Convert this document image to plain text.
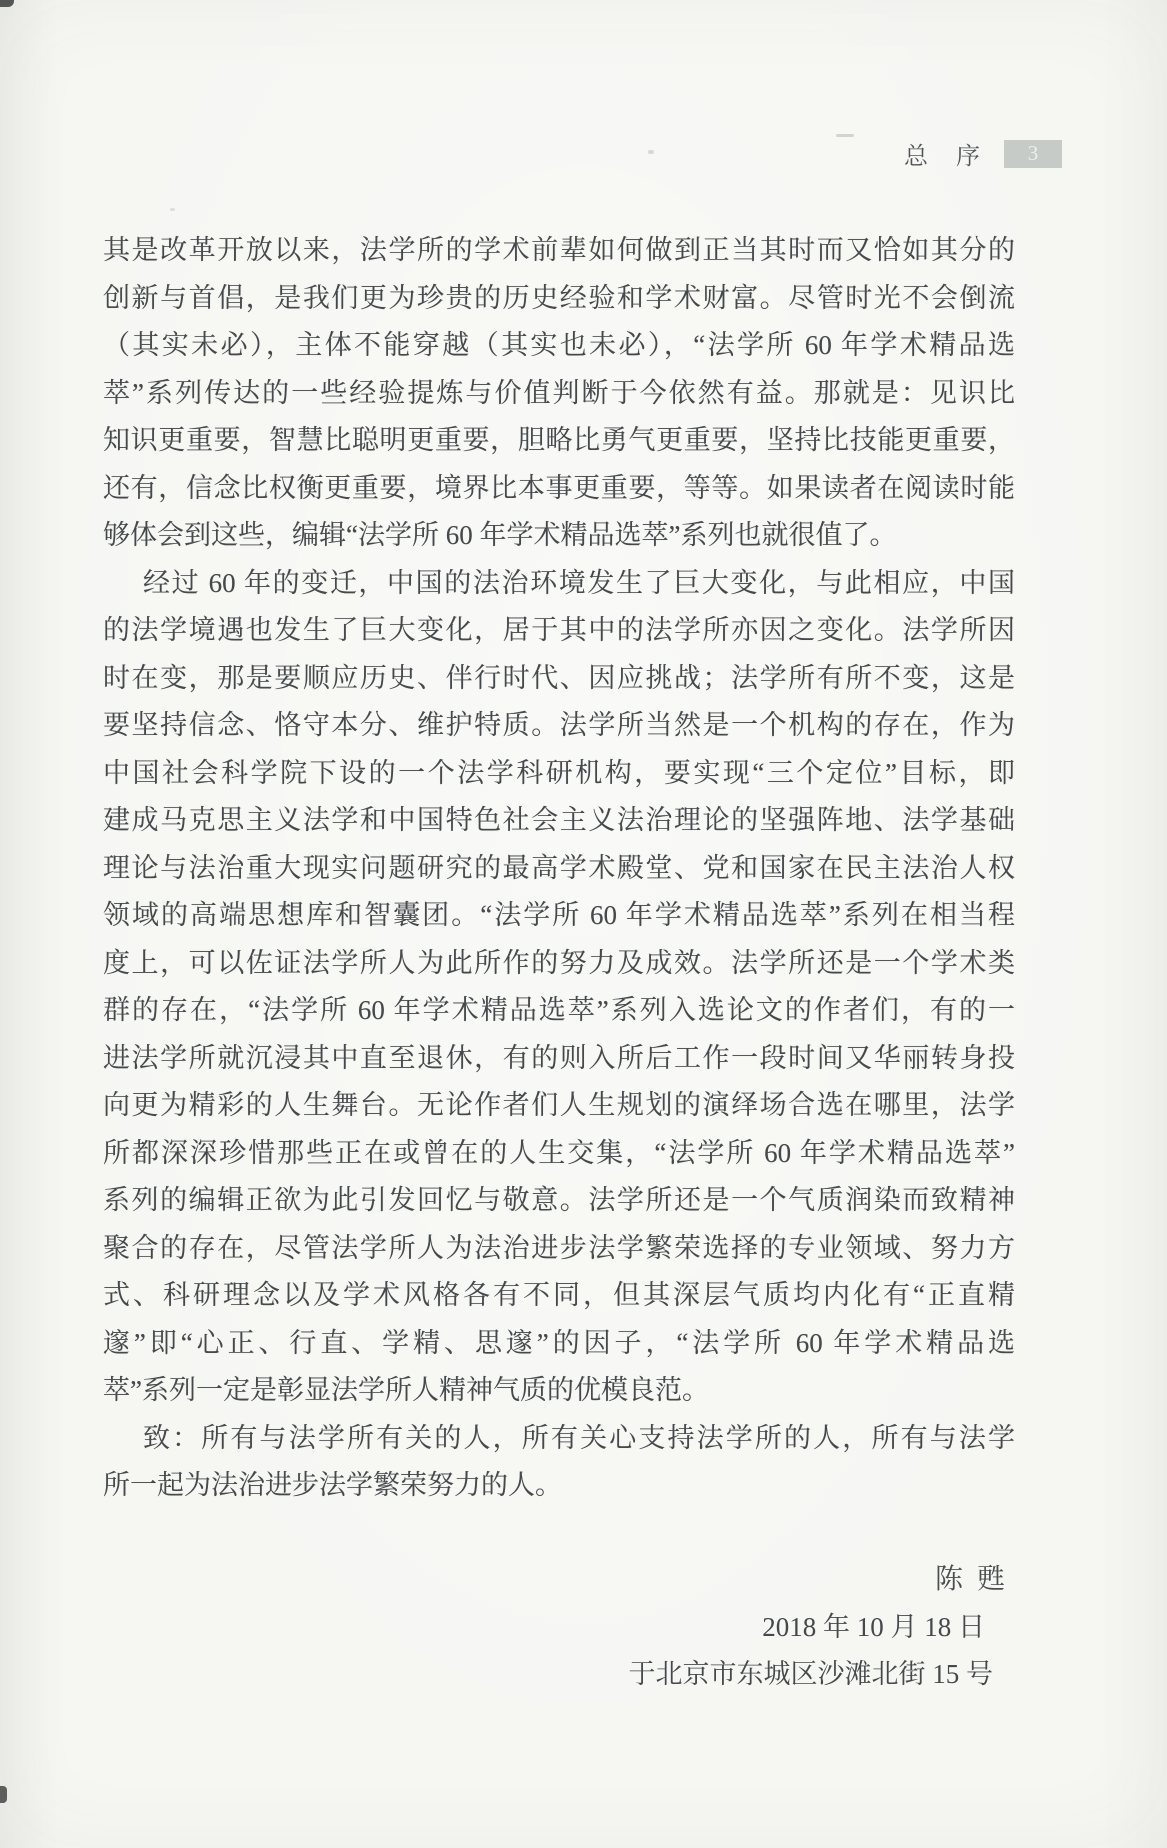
总　序 3
其是改革开放以来，法学所的学术前辈如何做到正当其时而又恰如其分的
创新与首倡，是我们更为珍贵的历史经验和学术财富。尽管时光不会倒流
（其实未必），主体不能穿越（其实也未必），“法学所 60 年学术精品选
萃”系列传达的一些经验提炼与价值判断于今依然有益。那就是：见识比
知识更重要，智慧比聪明更重要，胆略比勇气更重要，坚持比技能更重要，
还有，信念比权衡更重要，境界比本事更重要，等等。如果读者在阅读时能
够体会到这些，编辑“法学所 60 年学术精品选萃”系列也就很值了。
经过 60 年的变迁，中国的法治环境发生了巨大变化，与此相应，中国
的法学境遇也发生了巨大变化，居于其中的法学所亦因之变化。法学所因
时在变，那是要顺应历史、伴行时代、因应挑战；法学所有所不变，这是
要坚持信念、恪守本分、维护特质。法学所当然是一个机构的存在，作为
中国社会科学院下设的一个法学科研机构，要实现“三个定位”目标，即
建成马克思主义法学和中国特色社会主义法治理论的坚强阵地、法学基础
理论与法治重大现实问题研究的最高学术殿堂、党和国家在民主法治人权
领域的高端思想库和智囊团。“法学所 60 年学术精品选萃”系列在相当程
度上，可以佐证法学所人为此所作的努力及成效。法学所还是一个学术类
群的存在，“法学所 60 年学术精品选萃”系列入选论文的作者们，有的一
进法学所就沉浸其中直至退休，有的则入所后工作一段时间又华丽转身投
向更为精彩的人生舞台。无论作者们人生规划的演绎场合选在哪里，法学
所都深深珍惜那些正在或曾在的人生交集，“法学所 60 年学术精品选萃”
系列的编辑正欲为此引发回忆与敬意。法学所还是一个气质润染而致精神
聚合的存在，尽管法学所人为法治进步法学繁荣选择的专业领域、努力方
式、科研理念以及学术风格各有不同，但其深层气质均内化有“正直精
邃”即“心正、行直、学精、思邃”的因子，“法学所 60 年学术精品选
萃”系列一定是彰显法学所人精神气质的优模良范。
致：所有与法学所有关的人，所有关心支持法学所的人，所有与法学
所一起为法治进步法学繁荣努力的人。
陈甦
2018 年 10 月 18 日
于北京市东城区沙滩北街 15 号
